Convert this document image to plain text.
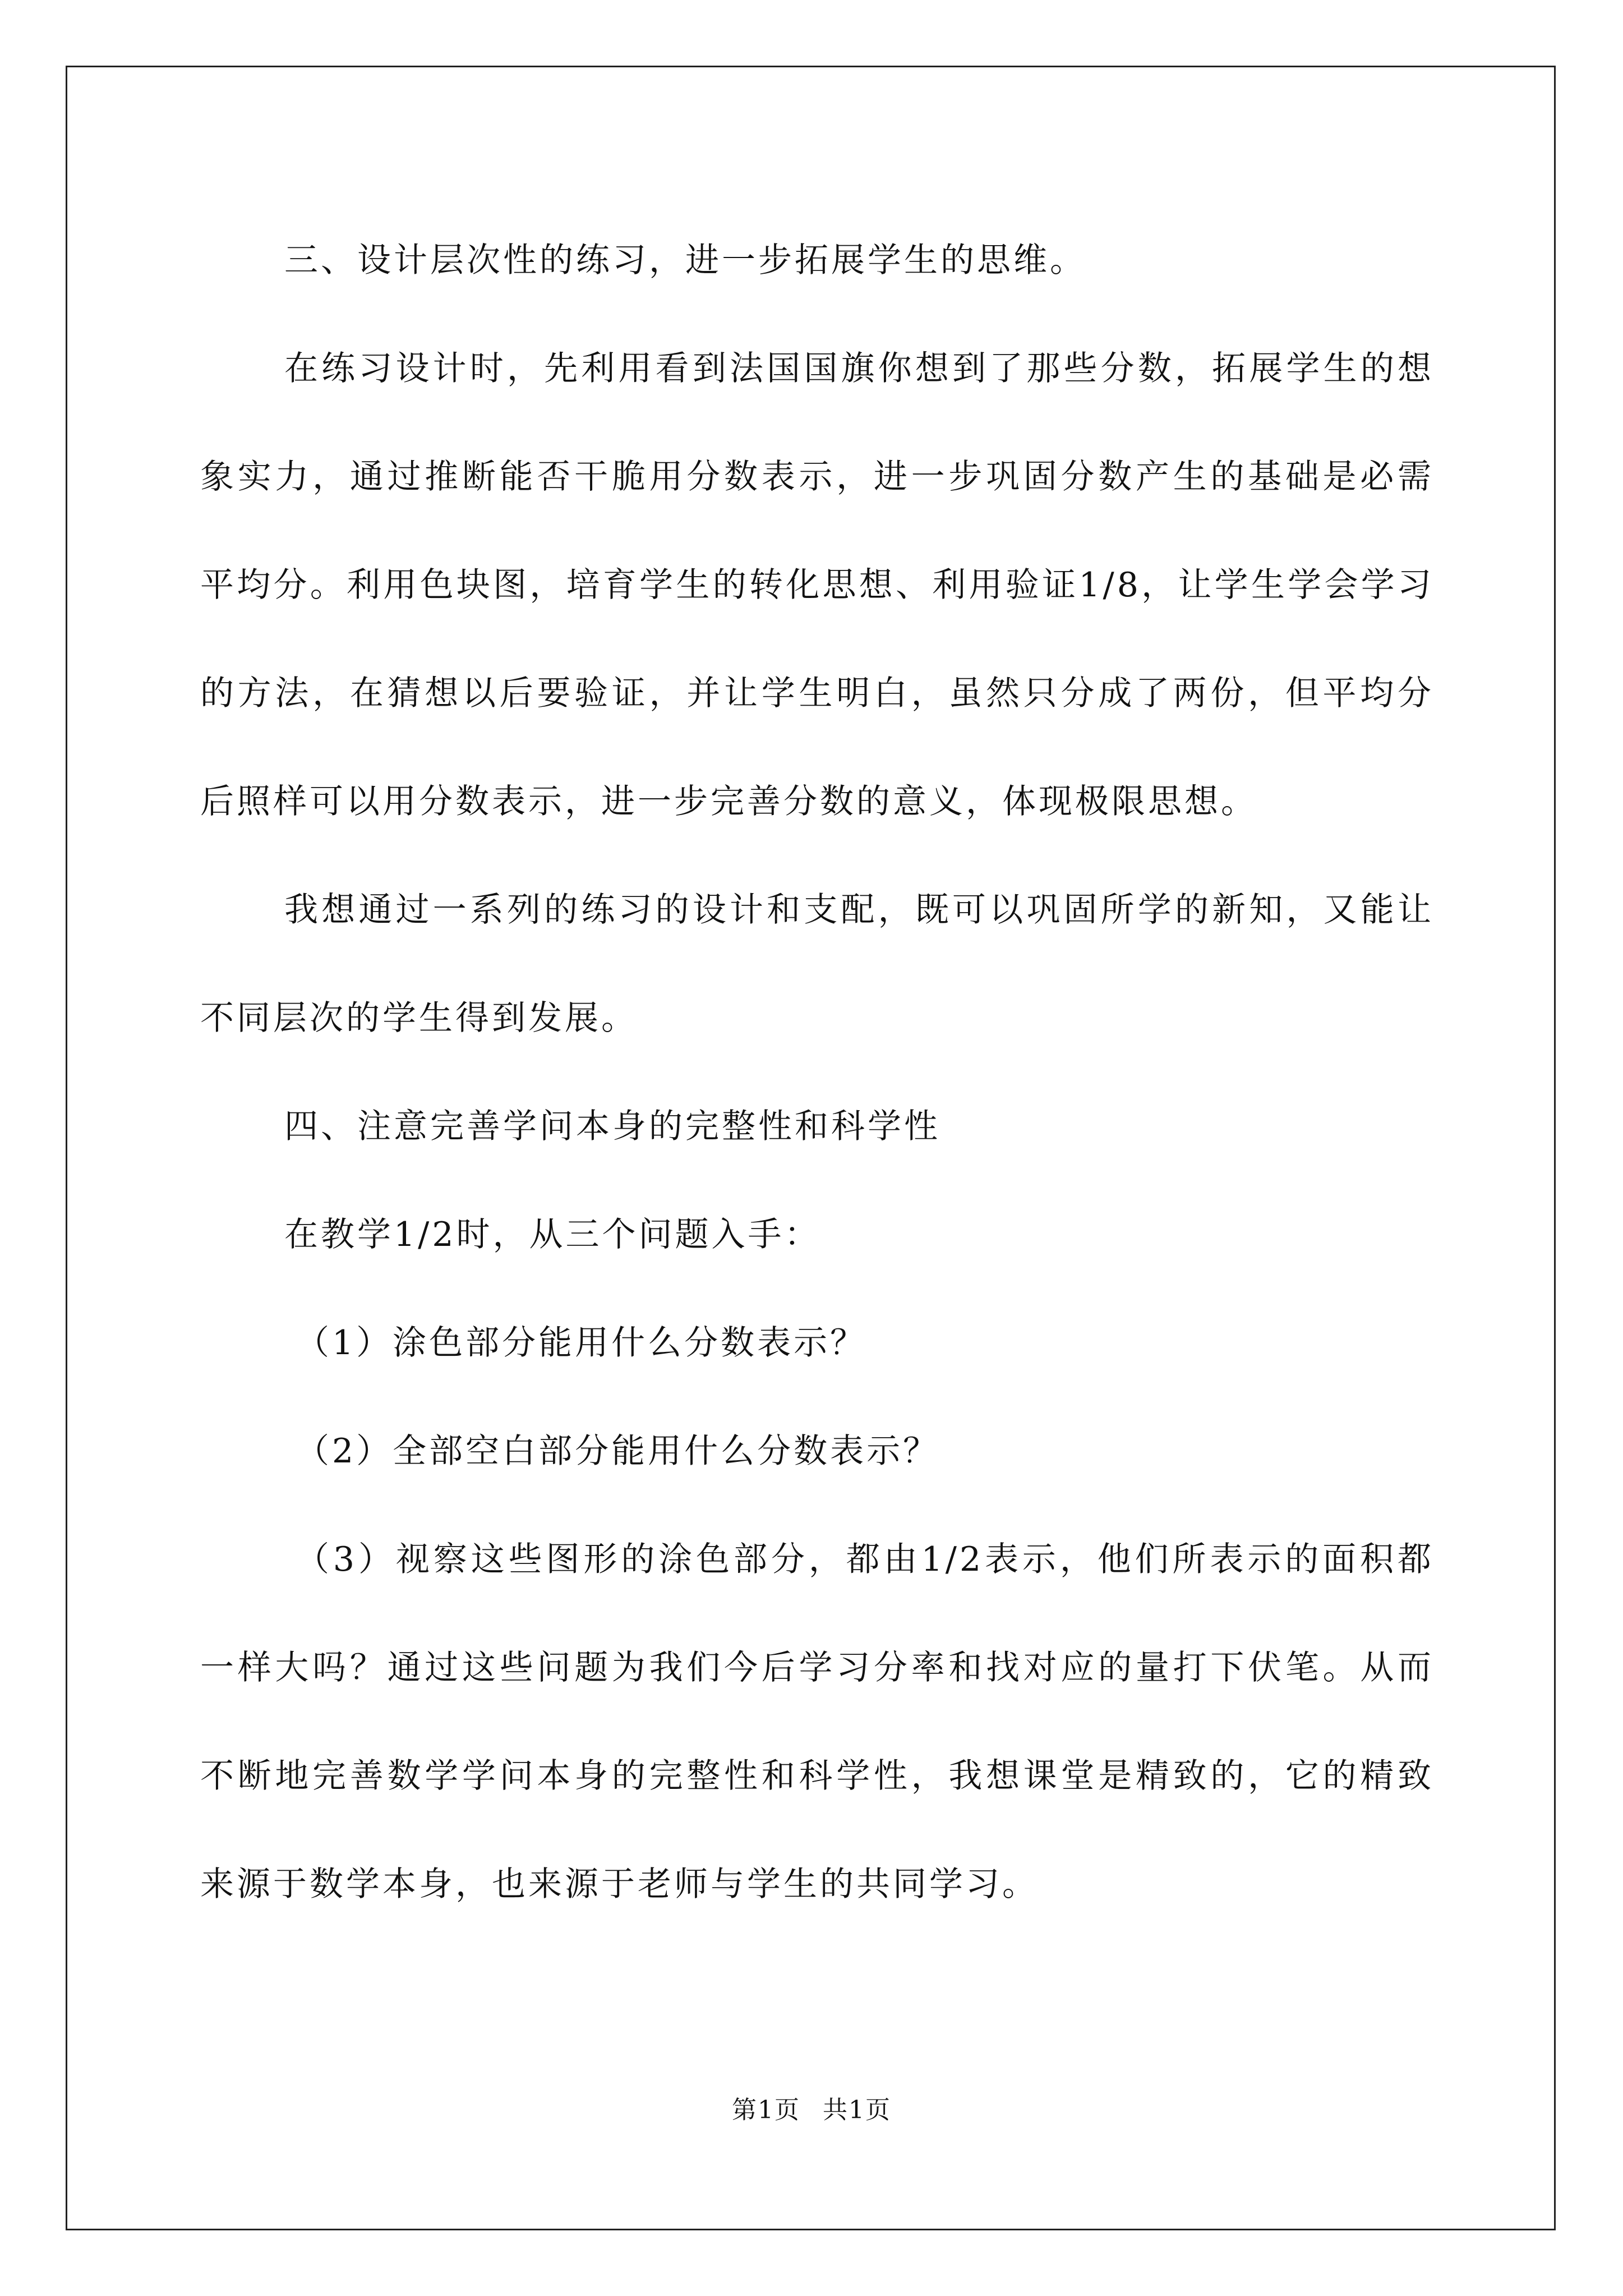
三、设计层次性的练习，进一步拓展学生的思维。

在练习设计时，先利用看到法国国旗你想到了那些分数，拓展学生的想象实力，通过推断能否干脆用分数表示，进一步巩固分数产生的基础是必需平均分。利用色块图，培育学生的转化思想、利用验证1/8，让学生学会学习的方法，在猜想以后要验证，并让学生明白，虽然只分成了两份，但平均分后照样可以用分数表示，进一步完善分数的意义，体现极限思想。

我想通过一系列的练习的设计和支配，既可以巩固所学的新知，又能让不同层次的学生得到发展。

四、注意完善学问本身的完整性和科学性

在教学1/2时，从三个问题入手：

（1）涂色部分能用什么分数表示？

（2）全部空白部分能用什么分数表示？

（3）视察这些图形的涂色部分，都由1/2表示，他们所表示的面积都一样大吗？通过这些问题为我们今后学习分率和找对应的量打下伏笔。从而不断地完善数学学问本身的完整性和科学性，我想课堂是精致的，它的精致来源于数学本身，也来源于老师与学生的共同学习。

第1页 共1页
